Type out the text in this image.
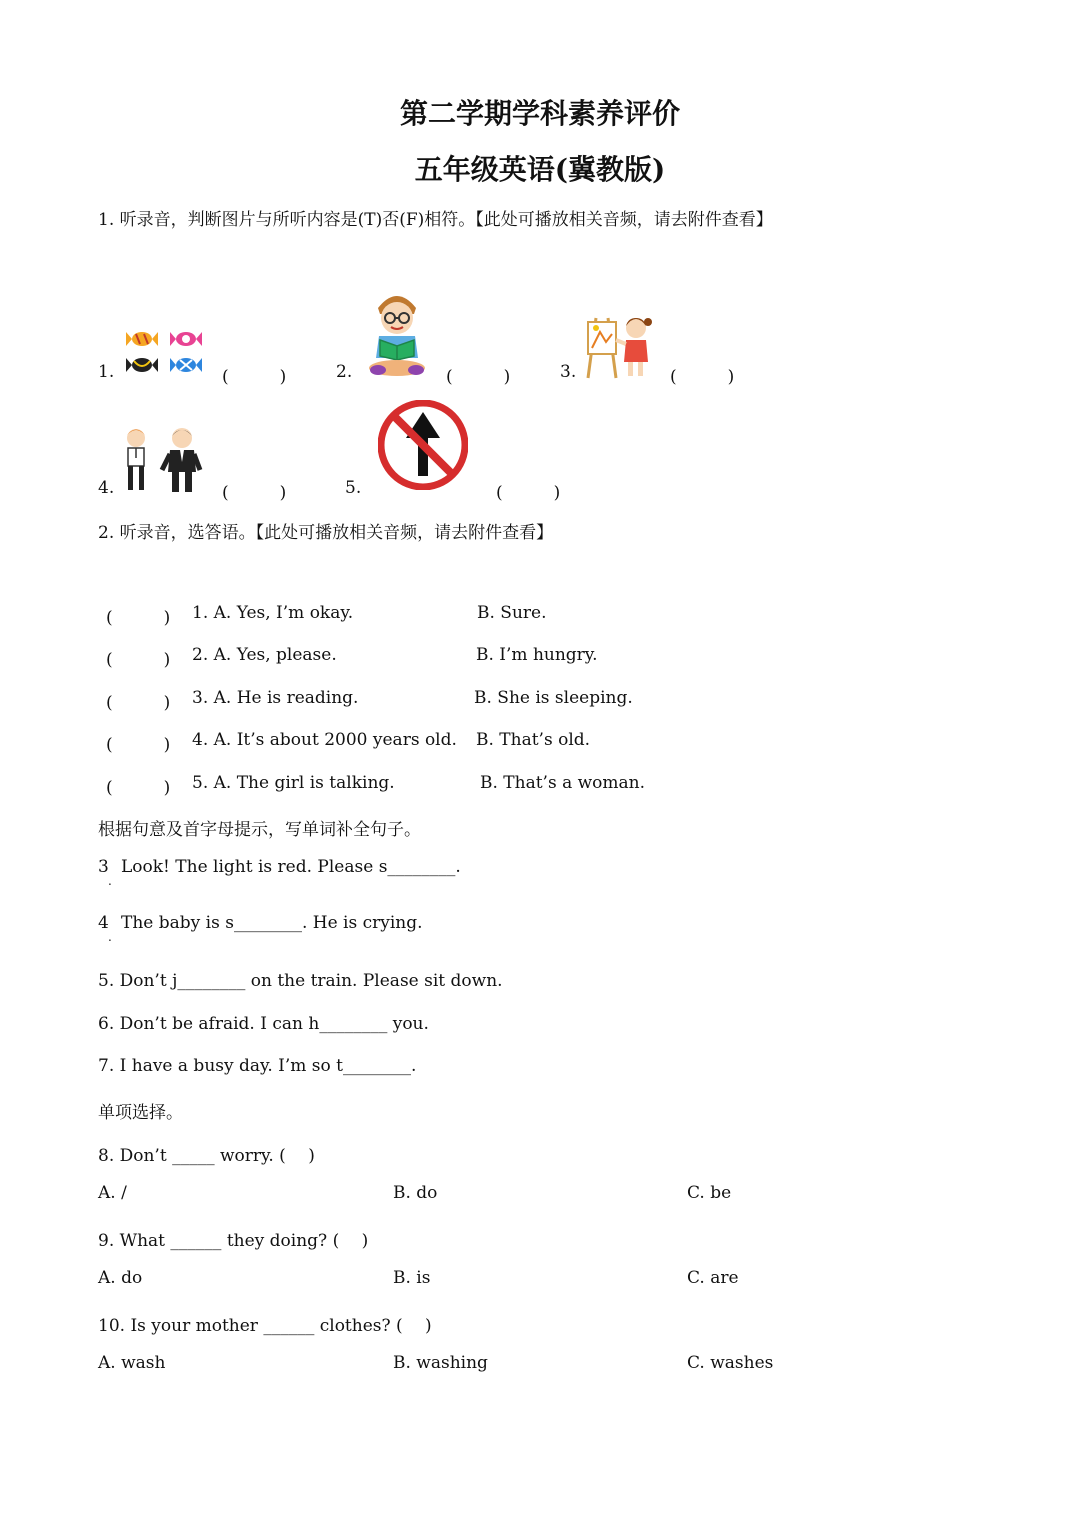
第二学期学科素养评价
五年级英语(冀教版)
1. 听录音，判断图片与所听内容是(T)否(F)相符。【此处可播放相关音频，请去附件查看】
1.	(　　　)	2.	(　　　)	3.	(　　　)
4.	(　　　)	5.	(　　　)
2. 听录音，选答语。【此处可播放相关音频，请去附件查看】
(　　　) 1. A. Yes, I’m okay.	B. Sure.
(　　　) 2. A. Yes, please.	B. I’m hungry.
(　　　) 3. A. He is reading.	B. She is sleeping.
(　　　) 4. A. It’s about 2000 years old. B. That’s old.
(　　　) 5. A. The girl is talking.	B. That’s a woman.
根据句意及首字母提示，写单词补全句子。
3
.
Look! The light is red. Please s________.
4
.
The baby is s________. He is crying.
5. Don’t j________ on the train. Please sit down.
6. Don’t be afraid. I can h________ you.
7. I have a busy day. I’m so t________.
单项选择。
8. Don’t _____ worry. (　 )
A. /	B. do	C. be
9. What ______ they doing? (　 )
A. do	B. is	C. are
10. Is your mother ______ clothes? (　 )
A. wash	B. washing	C. washes
